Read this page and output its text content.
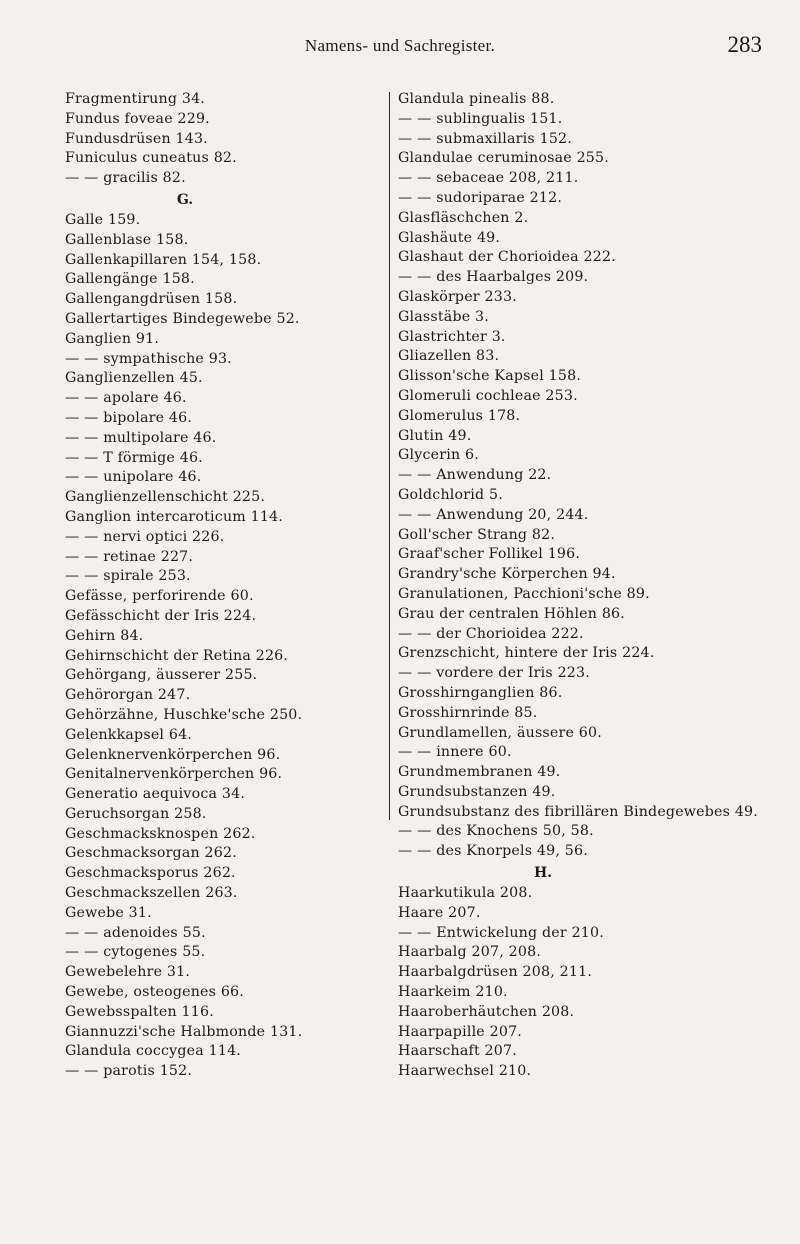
Namens- und Sachregister.	283
Fragmentirung 34.
Fundus foveae 229.
Fundusdrüsen 143.
Funiculus cuneatus 82.
— — gracilis 82.
G.
Galle 159.
Gallenblase 158.
Gallenkapillaren 154, 158.
Gallengänge 158.
Gallengangdrüsen 158.
Gallertartiges Bindegewebe 52.
Ganglien 91.
— — sympathische 93.
Ganglienzellen 45.
— — apolare 46.
— — bipolare 46.
— — multipolare 46.
— — T förmige 46.
— — unipolare 46.
Ganglienzellenschicht 225.
Ganglion intercaroticum 114.
— — nervi optici 226.
— — retinae 227.
— — spirale 253.
Gefässe, perforirende 60.
Gefässchicht der Iris 224.
Gehirn 84.
Gehirnschicht der Retina 226.
Gehörgang, äusserer 255.
Gehörorgan 247.
Gehörzähne, Huschke'sche 250.
Gelenkkapsel 64.
Gelenknervenkörperchen 96.
Genitalnervenkörperchen 96.
Generatio aequivoca 34.
Geruchsorgan 258.
Geschmacksknospen 262.
Geschmacksorgan 262.
Geschmacksporus 262.
Geschmackszellen 263.
Gewebe 31.
— — adenoides 55.
— — cytogenes 55.
Gewebelehre 31.
Gewebe, osteogenes 66.
Gewebsspalten 116.
Giannuzzi'sche Halbmonde 131.
Glandula coccygea 114.
— — parotis 152.
Glandula pinealis 88.
— — sublingualis 151.
— — submaxillaris 152.
Glandulae ceruminosae 255.
— — sebaceae 208, 211.
— — sudoriparae 212.
Glasfläschchen 2.
Glashäute 49.
Glashaut der Chorioidea 222.
— — des Haarbalges 209.
Glaskörper 233.
Glasstäbe 3.
Glastrichter 3.
Gliazellen 83.
Glisson'sche Kapsel 158.
Glomeruli cochleae 253.
Glomerulus 178.
Glutin 49.
Glycerin 6.
— — Anwendung 22.
Goldchlorid 5.
— — Anwendung 20, 244.
Goll'scher Strang 82.
Graaf'scher Follikel 196.
Grandry'sche Körperchen 94.
Granulationen, Pacchioni'sche 89.
Grau der centralen Höhlen 86.
— — der Chorioidea 222.
Grenzschicht, hintere der Iris 224.
— — vordere der Iris 223.
Grosshirnganglien 86.
Grosshirnrinde 85.
Grundlamellen, äussere 60.
— — innere 60.
Grundmembranen 49.
Grundsubstanzen 49.
Grundsubstanz des fibrillären Bindegewebes 49.
— — des Knochens 50, 58.
— — des Knorpels 49, 56.
H.
Haarkutikula 208.
Haare 207.
— — Entwickelung der 210.
Haarbalg 207, 208.
Haarbalgdrüsen 208, 211.
Haarkeim 210.
Haaroberhäutchen 208.
Haarpapille 207.
Haarschaft 207.
Haarwechsel 210.
